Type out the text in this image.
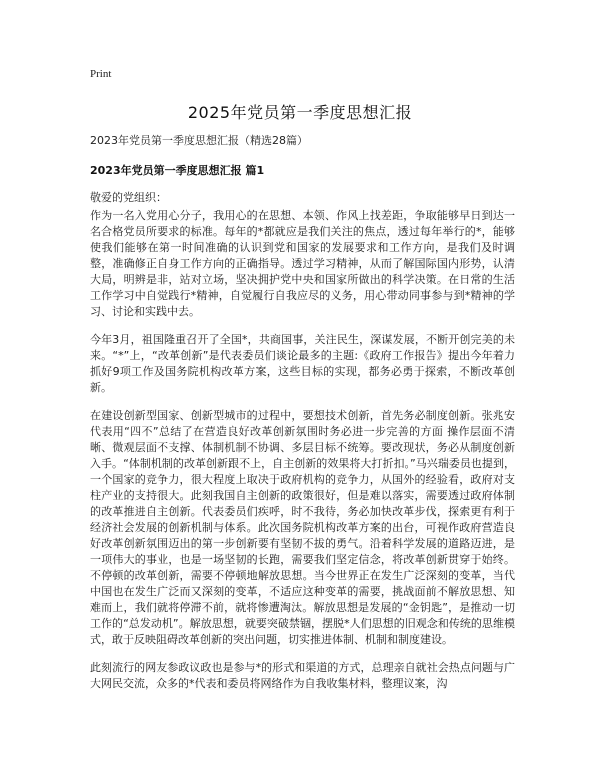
Print
2025年党员第一季度思想汇报
2023年党员第一季度思想汇报（精选28篇）
2023年党员第一季度思想汇报 篇1
敬爱的党组织：

作为一名入党用心分子，我用心的在思想、本领、作风上找差距，争取能够早日到达一名合格党员所要求的标准。每年的*都就应是我们关注的焦点，透过每年举行的*，能够使我们能够在第一时间准确的认识到党和国家的发展要求和工作方向，是我们及时调整，准确修正自身工作方向的正确指导。透过学习精神，从而了解国际国内形势，认清大局，明辨是非，站对立场，坚决拥护党中央和国家所做出的科学决策。在日常的生活工作学习中自觉践行*精神，自觉履行自我应尽的义务，用心带动同事参与到*精神的学习、讨论和实践中去。

今年3月，祖国隆重召开了全国*，共商国事，关注民生，深谋发展，不断开创完美的未来。“*”上，“改革创新”是代表委员们谈论最多的主题:《政府工作报告》提出今年着力抓好9项工作及国务院机构改革方案，这些目标的实现，都务必勇于探索，不断改革创新。

在建设创新型国家、创新型城市的过程中，要想技术创新，首先务必制度创新。张兆安代表用“四不”总结了在营造良好改革创新氛围时务必进一步完善的方面 操作层面不清晰、微观层面不支撑、体制机制不协调、多层目标不统筹。要改现状，务必从制度创新入手。“体制机制的改革创新跟不上，自主创新的效果将大打折扣。”马兴瑞委员也提到，一个国家的竞争力，很大程度上取决于政府机构的竞争力，从国外的经验看，政府对支柱产业的支持很大。此刻我国自主创新的政策很好，但是难以落实，需要透过政府体制的改革推进自主创新。代表委员们疾呼，时不我待，务必加快改革步伐，探索更有利于经济社会发展的创新机制与体系。此次国务院机构改革方案的出台，可视作政府营造良好改革创新氛围迈出的第一步创新要有坚韧不拔的勇气。沿着科学发展的道路迈进，是一项伟大的事业，也是一场坚韧的长跑，需要我们坚定信念，将改革创新贯穿于始终。不停顿的改革创新，需要不停顿地解放思想。当今世界正在发生广泛深刻的变革，当代中国也在发生广泛而又深刻的变革，不适应这种变革的需要，挑战面前不解放思想、知难而上，我们就将停滞不前，就将惨遭淘汰。解放思想是发展的“金钥匙”，是推动一切工作的“总发动机”。解放思想，就要突破禁锢，摆脱*人们思想的旧观念和传统的思维模式，敢于反映阻碍改革创新的突出问题，切实推进体制、机制和制度建设。

此刻流行的网友参政议政也是参与*的形式和渠道的方式，总理亲自就社会热点问题与广大网民交流，众多的*代表和委员将网络作为自我收集材料，整理议案，沟
